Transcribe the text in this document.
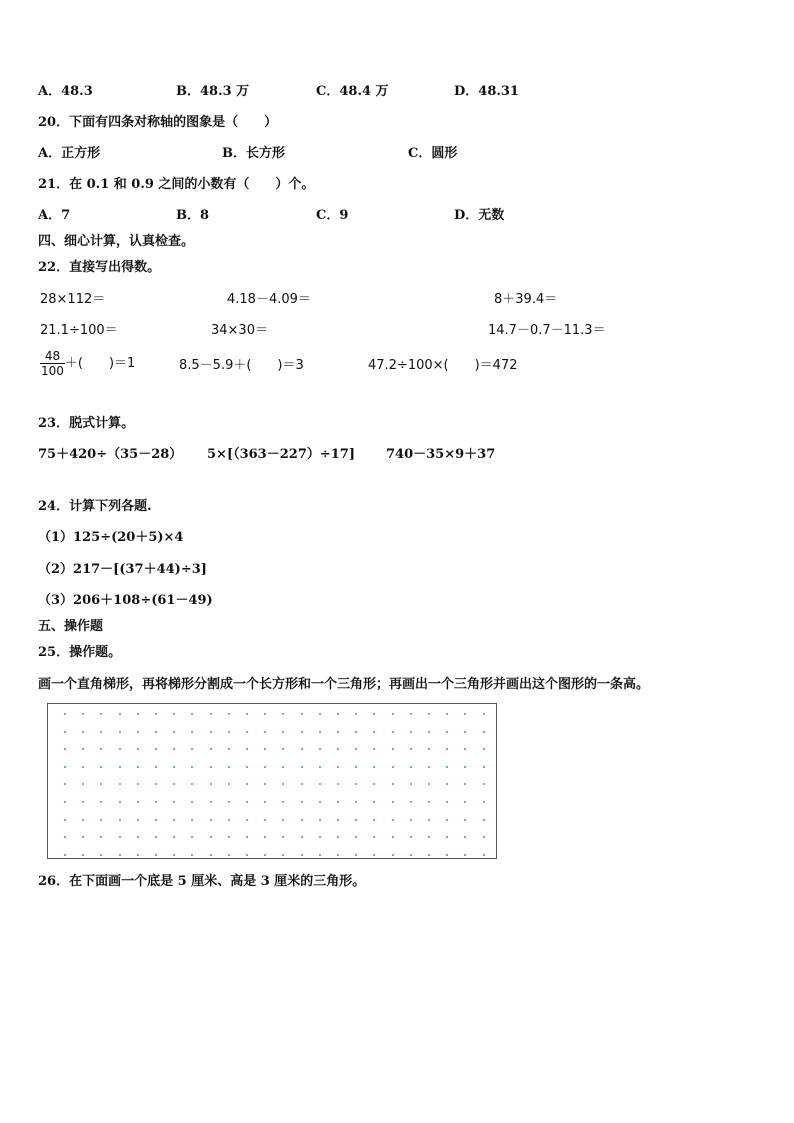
A．48.3	B．48.3 万	C．48.4 万	D．48.31
20．下面有四条对称轴的图象是（　　）
A．正方形	B．长方形	C．圆形
21．在 0.1 和 0.9 之间的小数有（　　）个。
A．7	B．8	C．9	D．无数
四、细心计算，认真检查。
22．直接写出得数。
28×112＝	4.18－4.09＝	8＋39.4＝
21.1÷100＝	34×30＝	14.7－0.7－11.3＝
$\frac{48}{100}$ ＋(　　)＝1	8.5－5.9＋(　　)＝3	47.2÷100×(　　)＝472
23．脱式计算。
75＋420÷（35－28） 5×[（363－227）÷17] 740－35×9＋37
24．计算下列各题.
（1）125÷(20＋5)×4
（2）217－[(37＋44)÷3]
（3）206＋108÷(61－49)
五、操作题
25．操作题。
画一个直角梯形，再将梯形分割成一个长方形和一个三角形；再画出一个三角形并画出这个图形的一条高。
26．在下面画一个底是 5 厘米、高是 3 厘米的三角形。
